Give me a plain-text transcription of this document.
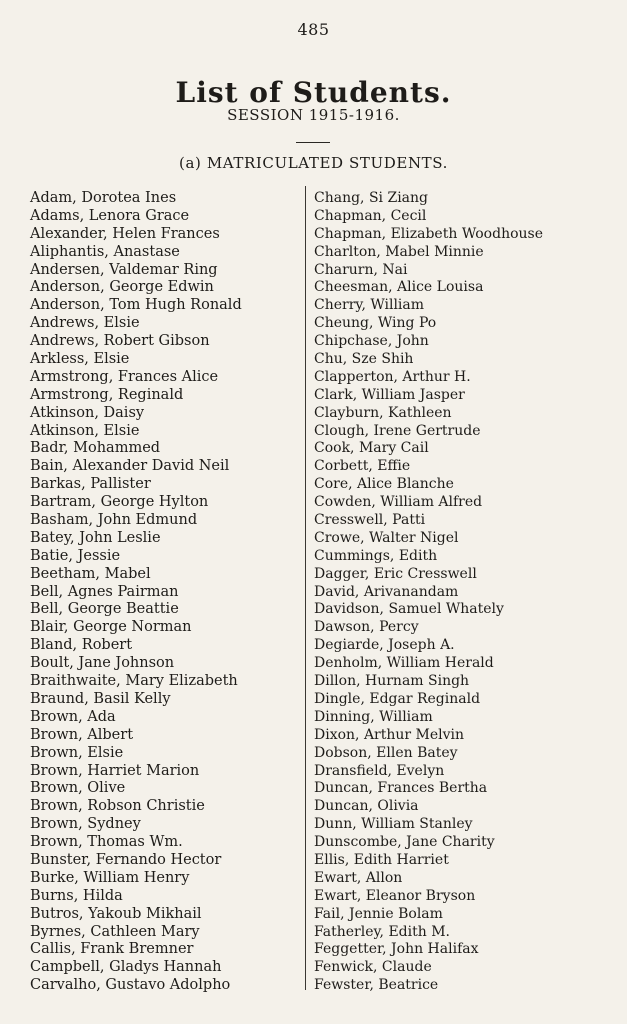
485
List of Students.
SESSION 1915-1916.
(a) MATRICULATED STUDENTS.
Adam, Dorotea Ines
Adams, Lenora Grace
Alexander, Helen Frances
Aliphantis, Anastase
Andersen, Valdemar Ring
Anderson, George Edwin
Anderson, Tom Hugh Ronald
Andrews, Elsie
Andrews, Robert Gibson
Arkless, Elsie
Armstrong, Frances Alice
Armstrong, Reginald
Atkinson, Daisy
Atkinson, Elsie
Badr, Mohammed
Bain, Alexander David Neil
Barkas, Pallister
Bartram, George Hylton
Basham, John Edmund
Batey, John Leslie
Batie, Jessie
Beetham, Mabel
Bell, Agnes Pairman
Bell, George Beattie
Blair, George Norman
Bland, Robert
Boult, Jane Johnson
Braithwaite, Mary Elizabeth
Braund, Basil Kelly
Brown, Ada
Brown, Albert
Brown, Elsie
Brown, Harriet Marion
Brown, Olive
Brown, Robson Christie
Brown, Sydney
Brown, Thomas Wm.
Bunster, Fernando Hector
Burke, William Henry
Burns, Hilda
Butros, Yakoub Mikhail
Byrnes, Cathleen Mary
Callis, Frank Bremner
Campbell, Gladys Hannah
Carvalho, Gustavo Adolpho
Chang, Si Ziang
Chapman, Cecil
Chapman, Elizabeth Woodhouse
Charlton, Mabel Minnie
Charurn, Nai
Cheesman, Alice Louisa
Cherry, William
Cheung, Wing Po
Chipchase, John
Chu, Sze Shih
Clapperton, Arthur H.
Clark, William Jasper
Clayburn, Kathleen
Clough, Irene Gertrude
Cook, Mary Cail
Corbett, Effie
Core, Alice Blanche
Cowden, William Alfred
Cresswell, Patti
Crowe, Walter Nigel
Cummings, Edith
Dagger, Eric Cresswell
David, Arivanandam
Davidson, Samuel Whately
Dawson, Percy
Degiarde, Joseph A.
Denholm, William Herald
Dillon, Hurnam Singh
Dingle, Edgar Reginald
Dinning, William
Dixon, Arthur Melvin
Dobson, Ellen Batey
Dransfield, Evelyn
Duncan, Frances Bertha
Duncan, Olivia
Dunn, William Stanley
Dunscombe, Jane Charity
Ellis, Edith Harriet
Ewart, Allon
Ewart, Eleanor Bryson
Fail, Jennie Bolam
Fatherley, Edith M.
Feggetter, John Halifax
Fenwick, Claude
Fewster, Beatrice
